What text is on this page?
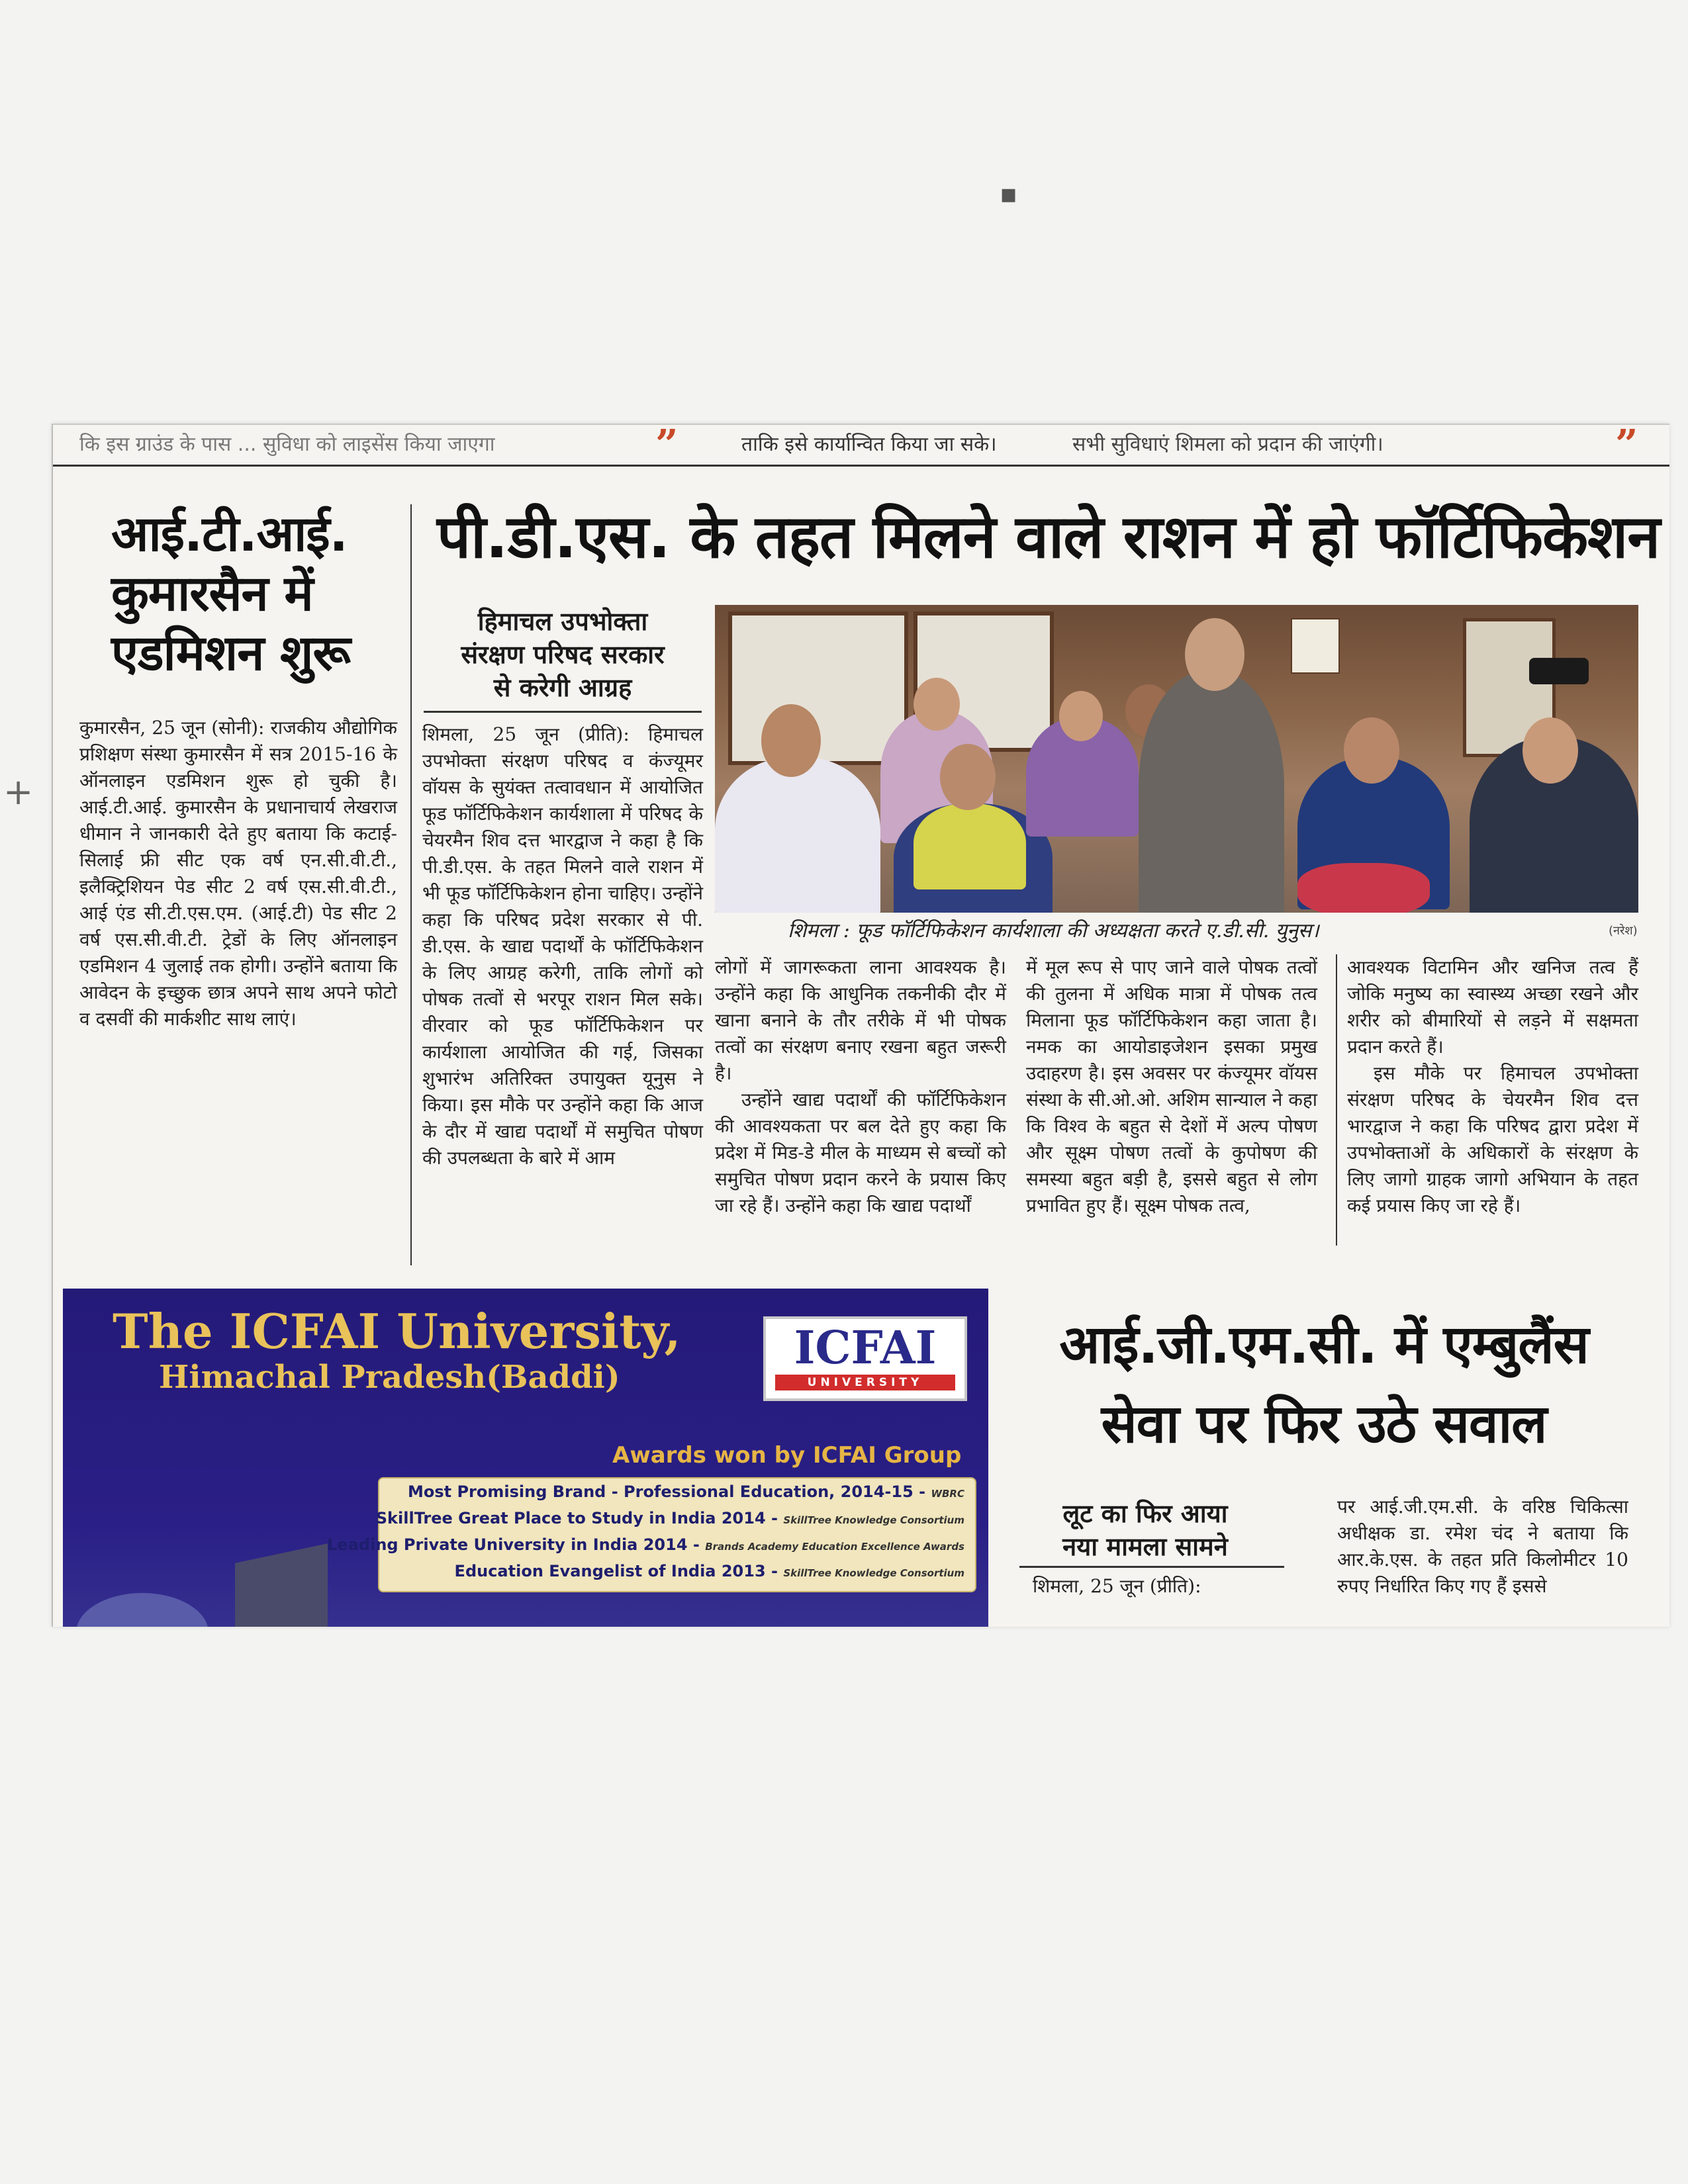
कि इस ग्राउंड के पास ... सुविधा को लाइसेंस किया जाएगा	”	ताकि इसे कार्यान्वित किया जा सके।	सभी सुविधाएं शिमला को प्रदान की जाएंगी।	”
आई.टी.आई.
कुमारसैन में
एडमिशन शुरू

कुमारसैन, 25 जून (सोनी): राजकीय औद्योगिक प्रशिक्षण संस्था कुमारसैन में सत्र 2015-16 के ऑनलाइन एडमिशन शुरू हो चुकी है। आई.टी.आई. कुमारसैन के प्रधानाचार्य लेखराज धीमान ने जानकारी देते हुए बताया कि कटाई-सिलाई फ्री सीट एक वर्ष एन.सी.वी.टी., इलैक्ट्रिशियन पेड सीट 2 वर्ष एस.सी.वी.टी., आई एंड सी.टी.एस.एम. (आई.टी) पेड सीट 2 वर्ष एस.सी.वी.टी. ट्रेडों के लिए ऑनलाइन एडमिशन 4 जुलाई तक होगी। उन्होंने बताया कि आवेदन के इच्छुक छात्र अपने साथ अपने फोटो व दसवीं की मार्कशीट साथ लाएं।

पी.डी.एस. के तहत मिलने वाले राशन में हो फॉर्टिफिकेशन
हिमाचल उपभोक्ता
संरक्षण परिषद सरकार
से करेगी आग्रह

शिमला, 25 जून (प्रीति): हिमाचल उपभोक्ता संरक्षण परिषद व कंज्यूमर वॉयस के सुयंक्त तत्वावधान में आयोजित फूड फॉर्टिफिकेशन कार्यशाला में परिषद के चेयरमैन शिव दत्त भारद्वाज ने कहा है कि पी.डी.एस. के तहत मिलने वाले राशन में भी फूड फॉर्टिफिकेशन होना चाहिए। उन्होंने कहा कि परिषद प्रदेश सरकार से पी. डी.एस. के खाद्य पदार्थों के फॉर्टिफिकेशन के लिए आग्रह करेगी, ताकि लोगों को पोषक तत्वों से भरपूर राशन मिल सके। वीरवार को फूड फॉर्टिफिकेशन पर कार्यशाला आयोजित की गई, जिसका शुभारंभ अतिरिक्त उपायुक्त यूनुस ने किया। इस मौके पर उन्होंने कहा कि आज के दौर में खाद्य पदार्थों में समुचित पोषण की उपलब्धता के बारे में आम

शिमला : फूड फॉर्टिफिकेशन कार्यशाला की अध्यक्षता करते ए.डी.सी. युनुस।	(नरेश)

लोगों में जागरूकता लाना आवश्यक है। उन्होंने कहा कि आधुनिक तकनीकी दौर में खाना बनाने के तौर तरीके में भी पोषक तत्वों का संरक्षण बनाए रखना बहुत जरूरी है।

उन्होंने खाद्य पदार्थों की फॉर्टिफिकेशन की आवश्यकता पर बल देते हुए कहा कि प्रदेश में मिड-डे मील के माध्यम से बच्चों को समुचित पोषण प्रदान करने के प्रयास किए जा रहे हैं। उन्होंने कहा कि खाद्य पदार्थों

में मूल रूप से पाए जाने वाले पोषक तत्वों की तुलना में अधिक मात्रा में पोषक तत्व मिलाना फूड फॉर्टिफिकेशन कहा जाता है। नमक का आयोडाइजेशन इसका प्रमुख उदाहरण है। इस अवसर पर कंज्यूमर वॉयस संस्था के सी.ओ.ओ. अशिम सान्याल ने कहा कि विश्व के बहुत से देशों में अल्प पोषण और सूक्ष्म पोषण तत्वों के कुपोषण की समस्या बहुत बड़ी है, इससे बहुत से लोग प्रभावित हुए हैं। सूक्ष्म पोषक तत्व,

आवश्यक विटामिन और खनिज तत्व हैं जोकि मनुष्य का स्वास्थ्य अच्छा रखने और शरीर को बीमारियों से लड़ने में सक्षमता प्रदान करते हैं।

इस मौके पर हिमाचल उपभोक्ता संरक्षण परिषद के चेयरमैन शिव दत्त भारद्वाज ने कहा कि परिषद द्वारा प्रदेश में उपभोक्ताओं के अधिकारों के संरक्षण के लिए जागो ग्राहक जागो अभियान के तहत कई प्रयास किए जा रहे हैं।

The ICFAI University,
Himachal Pradesh(Baddi)
ICFAI
UNIVERSITY
Awards won by ICFAI Group
Most Promising Brand - Professional Education, 2014-15 - WBRC
SkillTree Great Place to Study in India 2014 - SkillTree Knowledge Consortium
Leading Private University in India 2014 - Brands Academy Education Excellence Awards
Education Evangelist of India 2013 - SkillTree Knowledge Consortium
आई.जी.एम.सी. में एम्बुलैंस
सेवा पर फिर उठे सवाल
लूट का फिर आया
नया मामला सामने
शिमला, 25 जून (प्रीति):

पर आई.जी.एम.सी. के वरिष्ठ चिकित्सा अधीक्षक डा. रमेश चंद ने बताया कि आर.के.एस. के तहत प्रति किलोमीटर 10 रुपए निर्धारित किए गए हैं इससे

▪
+
